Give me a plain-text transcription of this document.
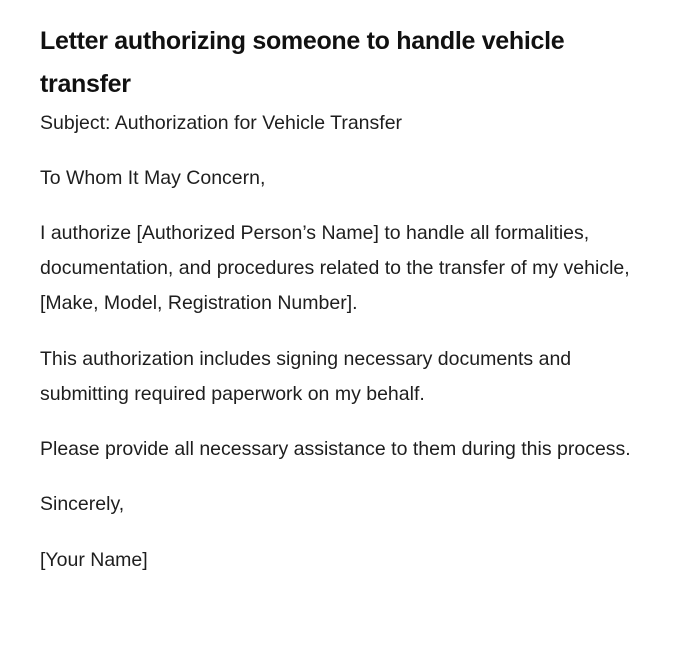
Letter authorizing someone to handle vehicle transfer

Subject: Authorization for Vehicle Transfer

To Whom It May Concern,

I authorize [Authorized Person’s Name] to handle all formalities, documentation, and procedures related to the transfer of my vehicle, [Make, Model, Registration Number].

This authorization includes signing necessary documents and submitting required paperwork on my behalf.

Please provide all necessary assistance to them during this process.

Sincerely,

[Your Name]
